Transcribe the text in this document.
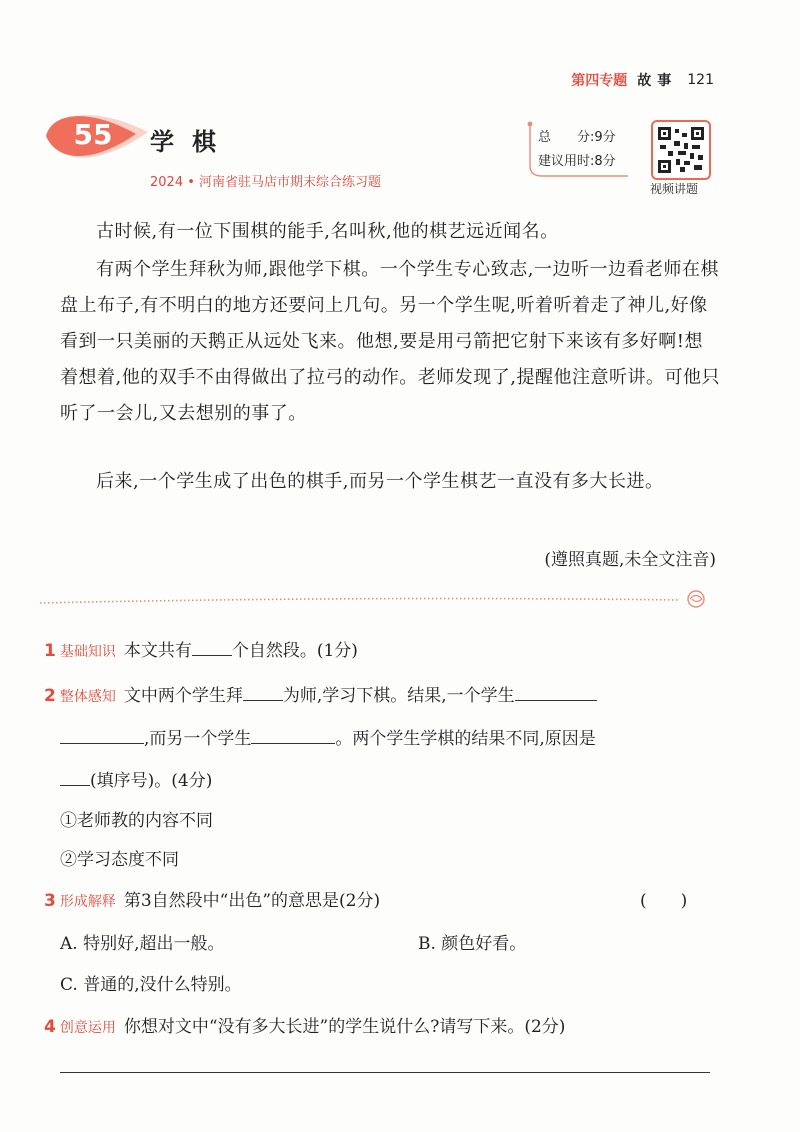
第四专题 故事 121
55	学棋
2024 • 河南省驻马店市期末综合练习题
总　　分:9分
建议用时:8分
视频讲题

古时候,有一位下围棋的能手,名叫秋,他的棋艺远近闻名。

有两个学生拜秋为师,跟他学下棋。一个学生专心致志,一边听一边看老师在棋盘上布子,有不明白的地方还要问上几句。另一个学生呢,听着听着走了神儿,好像看到一只美丽的天鹅正从远处飞来。他想,要是用弓箭把它射下来该有多好啊!想着想着,他的双手不由得做出了拉弓的动作。老师发现了,提醒他注意听讲。可他只听了一会儿,又去想别的事了。

后来,一个学生成了出色的棋手,而另一个学生棋艺一直没有多大长进。

(遵照真题,未全文注音)
1 基础知识 本文共有 个自然段。(1分)
2 整体感知 文中两个学生拜 为师,学习下棋。结果,一个学生
,而另一个学生	。两个学生学棋的结果不同,原因是
(填序号)。(4分)
①老师教的内容不同
②学习态度不同
3 形成解释 第3自然段中“出色”的意思是(2分)	(　　)
A. 特别好,超出一般。	B. 颜色好看。
C. 普通的,没什么特别。
4 创意运用 你想对文中“没有多大长进”的学生说什么?请写下来。(2分)
